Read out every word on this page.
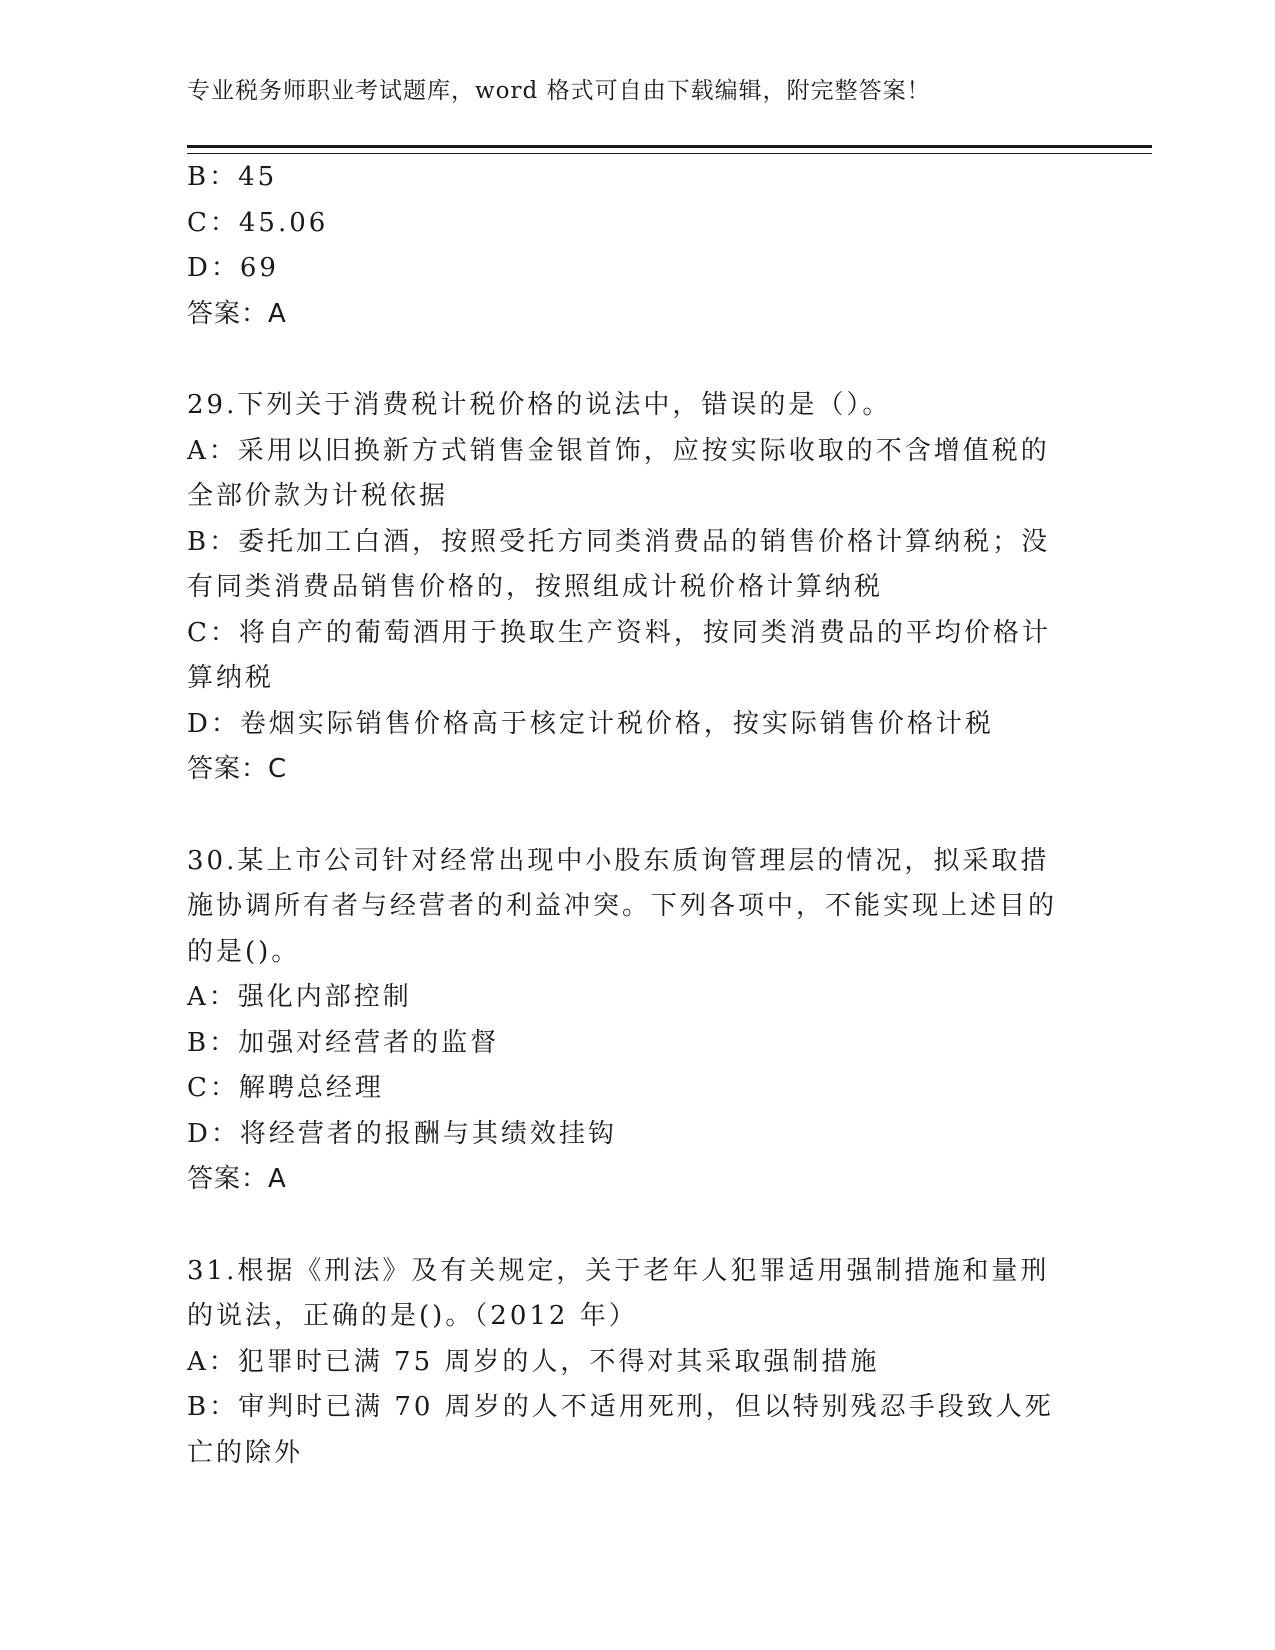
专业税务师职业考试题库，word 格式可自由下载编辑，附完整答案！

B：45

C：45.06

D：69

答案：A

29.下列关于消费税计税价格的说法中，错误的是（）。

A：采用以旧换新方式销售金银首饰，应按实际收取的不含增值税的全部价款为计税依据

B：委托加工白酒，按照受托方同类消费品的销售价格计算纳税；没有同类消费品销售价格的，按照组成计税价格计算纳税

C：将自产的葡萄酒用于换取生产资料，按同类消费品的平均价格计算纳税

D：卷烟实际销售价格高于核定计税价格，按实际销售价格计税

答案：C

30.某上市公司针对经常出现中小股东质询管理层的情况，拟采取措施协调所有者与经营者的利益冲突。下列各项中，不能实现上述目的的是()。

A：强化内部控制

B：加强对经营者的监督

C：解聘总经理

D：将经营者的报酬与其绩效挂钩

答案：A

31.根据《刑法》及有关规定，关于老年人犯罪适用强制措施和量刑的说法，正确的是()。（2012 年）

A：犯罪时已满 75 周岁的人，不得对其采取强制措施

B：审判时已满 70 周岁的人不适用死刑，但以特别残忍手段致人死亡的除外
